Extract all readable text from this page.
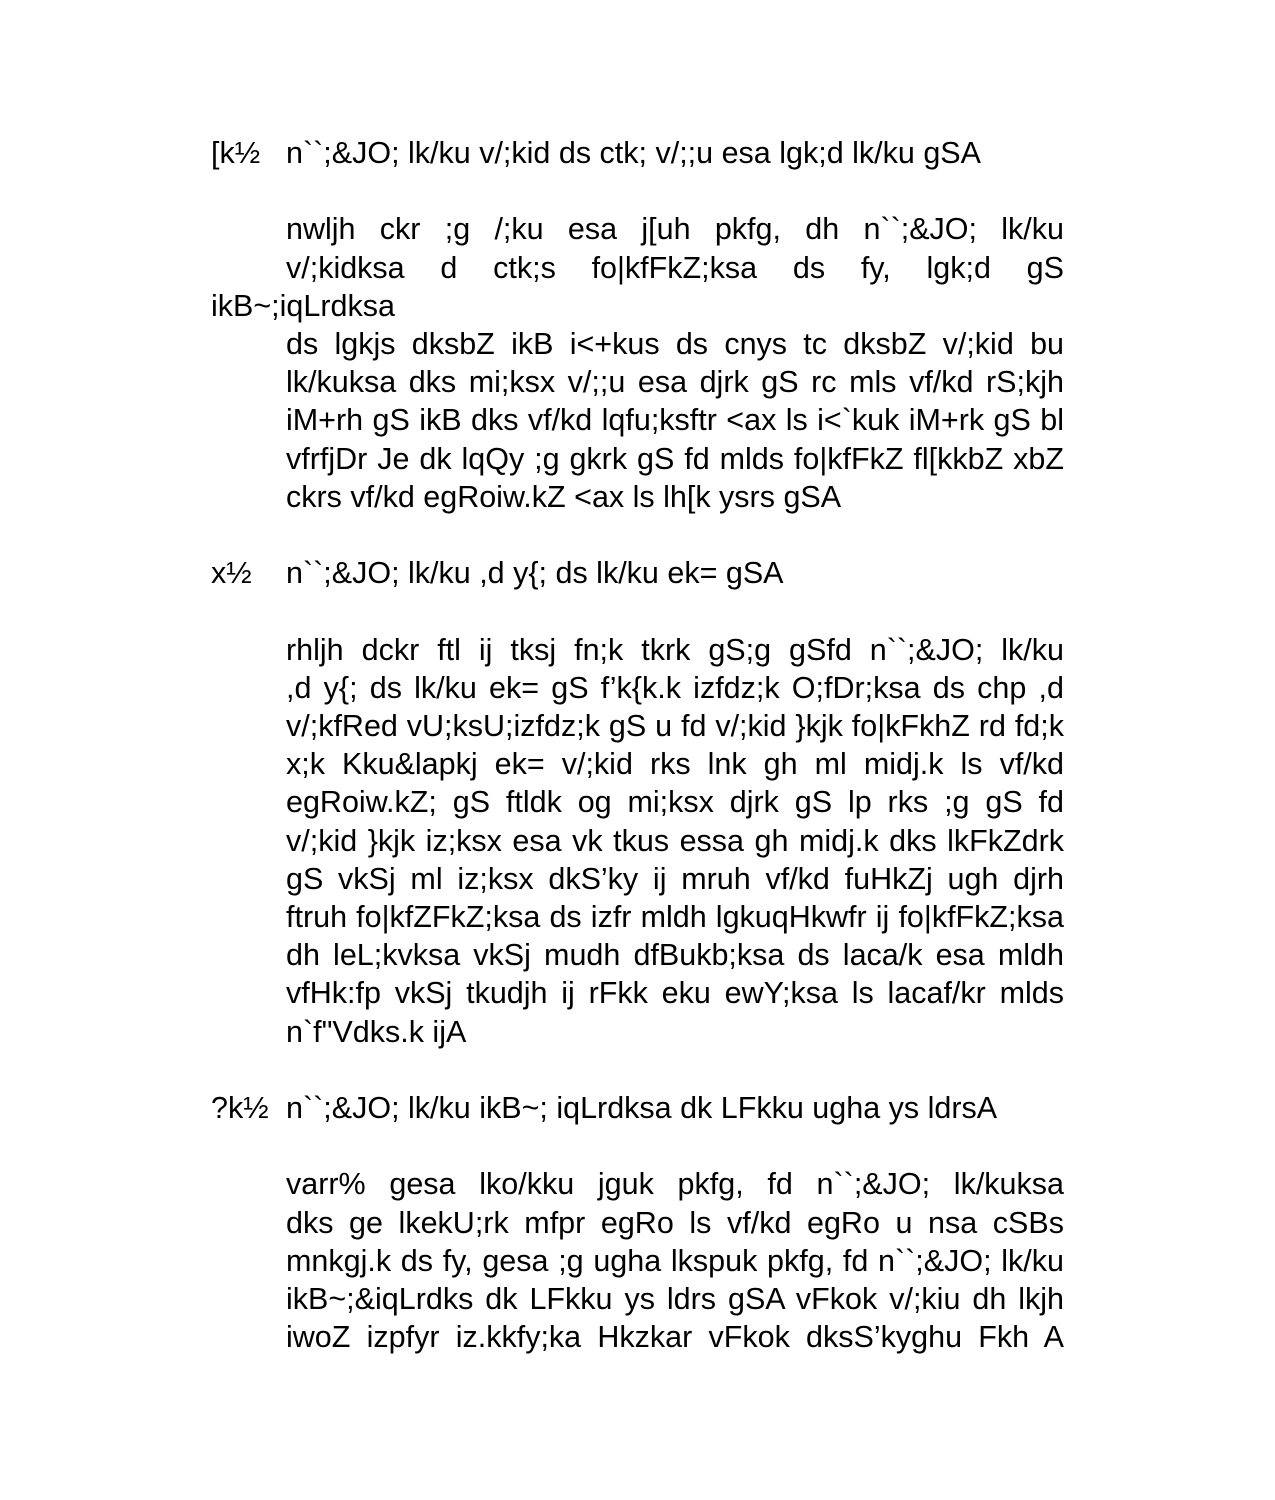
[k½ n``;&JO; lk/ku v/;kid ds ctk; v/;;u esa lgk;d lk/ku gSA
nwljh ckr ;g /;ku esa j[uh pkfg, dh n``;&JO; lk/ku
v/;kidksa d ctk;s fo|kfFkZ;ksa ds fy, lgk;d gS ikB~;iqLrdksa
ds lgkjs dksbZ ikB i<+kus ds cnys tc dksbZ v/;kid bu
lk/kuksa dks mi;ksx v/;;u esa djrk gS rc mls vf/kd rS;kjh
iM+rh gS ikB dks vf/kd lqfu;ksftr <ax ls i<`kuk iM+rk gS bl
vfrfjDr Je dk lqQy ;g gkrk gS fd mlds fo|kfFkZ fl[kkbZ xbZ
ckrs vf/kd egRoiw.kZ <ax ls lh[k ysrs gSA
x½ n``;&JO; lk/ku ,d y{; ds lk/ku ek= gSA
rhljh dckr ftl ij tksj fn;k tkrk gS;g gSfd n``;&JO; lk/ku
,d y{; ds lk/ku ek= gS f’k{k.k izfdz;k O;fDr;ksa ds chp ,d
v/;kfRed vU;ksU;izfdz;k gS u fd v/;kid }kjk fo|kFkhZ rd fd;k
x;k Kku&lapkj ek= v/;kid rks lnk gh ml midj.k ls vf/kd
egRoiw.kZ; gS ftldk og mi;ksx djrk gS lp rks ;g gS fd
v/;kid }kjk iz;ksx esa vk tkus essa gh midj.k dks lkFkZdrk
gS vkSj ml iz;ksx dkS’ky ij mruh vf/kd fuHkZj ugh djrh
ftruh fo|kfZFkZ;ksa ds izfr mldh lgkuqHkwfr ij fo|kfFkZ;ksa
dh leL;kvksa vkSj mudh dfBukb;ksa ds laca/k esa mldh
vfHk:fp vkSj tkudjh ij rFkk eku ewY;ksa ls lacaf/kr mlds
n`f"Vdks.k ijA
?k½ n``;&JO; lk/ku ikB~; iqLrdksa dk LFkku ugha ys ldrsA
varr% gesa lko/kku jguk pkfg, fd n``;&JO; lk/kuksa
dks ge lkekU;rk mfpr egRo ls vf/kd egRo u nsa cSBs
mnkgj.k ds fy, gesa ;g ugha lkspuk pkfg, fd n``;&JO; lk/ku
ikB~;&iqLrdks dk LFkku ys ldrs gSA vFkok v/;kiu dh lkjh
iwoZ izpfyr iz.kkfy;ka Hkzkar vFkok dksS’kyghu Fkh A
